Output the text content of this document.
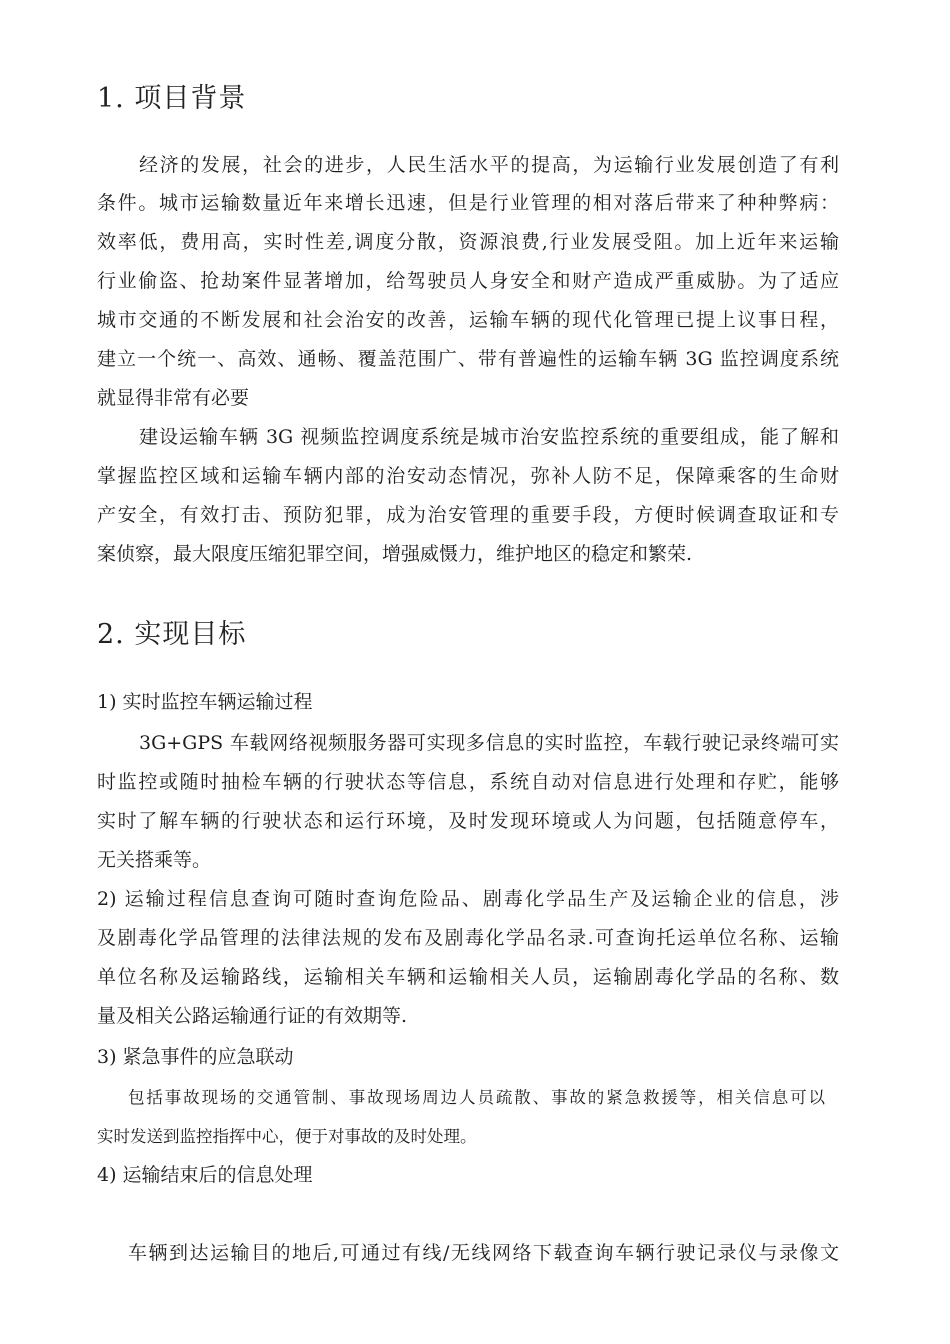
1. 项目背景
经济的发展，社会的进步，人民生活水平的提高，为运输行业发展创造了有利
条件。城市运输数量近年来增长迅速，但是行业管理的相对落后带来了种种弊病：
效率低，费用高，实时性差,调度分散，资源浪费,行业发展受阻。加上近年来运输
行业偷盗、抢劫案件显著增加，给驾驶员人身安全和财产造成严重威胁。为了适应
城市交通的不断发展和社会治安的改善，运输车辆的现代化管理已提上议事日程，
建立一个统一、高效、通畅、覆盖范围广、带有普遍性的运输车辆 3G 监控调度系统
就显得非常有必要
建设运输车辆 3G 视频监控调度系统是城市治安监控系统的重要组成，能了解和
掌握监控区域和运输车辆内部的治安动态情况，弥补人防不足，保障乘客的生命财
产安全，有效打击、预防犯罪，成为治安管理的重要手段，方便时候调查取证和专
案侦察，最大限度压缩犯罪空间，增强威慑力，维护地区的稳定和繁荣.
2. 实现目标
1) 实时监控车辆运输过程
3G+GPS 车载网络视频服务器可实现多信息的实时监控，车载行驶记录终端可实
时监控或随时抽检车辆的行驶状态等信息，系统自动对信息进行处理和存贮，能够
实时了解车辆的行驶状态和运行环境，及时发现环境或人为问题，包括随意停车，
无关搭乘等。
2) 运输过程信息查询可随时查询危险品、剧毒化学品生产及运输企业的信息，涉
及剧毒化学品管理的法律法规的发布及剧毒化学品名录.可查询托运单位名称、运输
单位名称及运输路线，运输相关车辆和运输相关人员，运输剧毒化学品的名称、数
量及相关公路运输通行证的有效期等.
3) 紧急事件的应急联动
包括事故现场的交通管制、事故现场周边人员疏散、事故的紧急救援等，相关信息可以
实时发送到监控指挥中心，便于对事故的及时处理。
4) 运输结束后的信息处理
车辆到达运输目的地后,可通过有线/无线网络下载查询车辆行驶记录仪与录像文
